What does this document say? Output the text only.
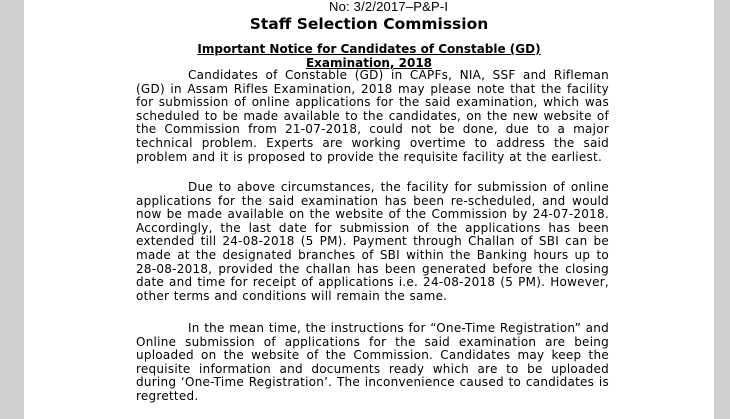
No: 3/2/2017–P&P-I
Staff Selection Commission
Important Notice for Candidates of Constable (GD)
Examination, 2018

Candidates of Constable (GD) in CAPFs, NIA, SSF and Rifleman (GD) in Assam Rifles Examination, 2018 may please note that the facility for submission of online applications for the said examination, which was scheduled to be made available to the candidates, on the new website of the Commission from 21-07-2018, could not be done, due to a major technical problem. Experts are working overtime to address the said problem and it is proposed to provide the requisite facility at the earliest.

Due to above circumstances, the facility for submission of online applications for the said examination has been re-scheduled, and would now be made available on the website of the Commission by 24-07-2018. Accordingly, the last date for submission of the applications has been extended till 24-08-2018 (5 PM). Payment through Challan of SBI can be made at the designated branches of SBI within the Banking hours up to 28-08-2018, provided the challan has been generated before the closing date and time for receipt of applications i.e. 24-08-2018 (5 PM). However, other terms and conditions will remain the same.

In the mean time, the instructions for “One-Time Registration” and Online submission of applications for the said examination are being uploaded on the website of the Commission. Candidates may keep the requisite information and documents ready which are to be uploaded during ‘One-Time Registration’. The inconvenience caused to candidates is regretted.
